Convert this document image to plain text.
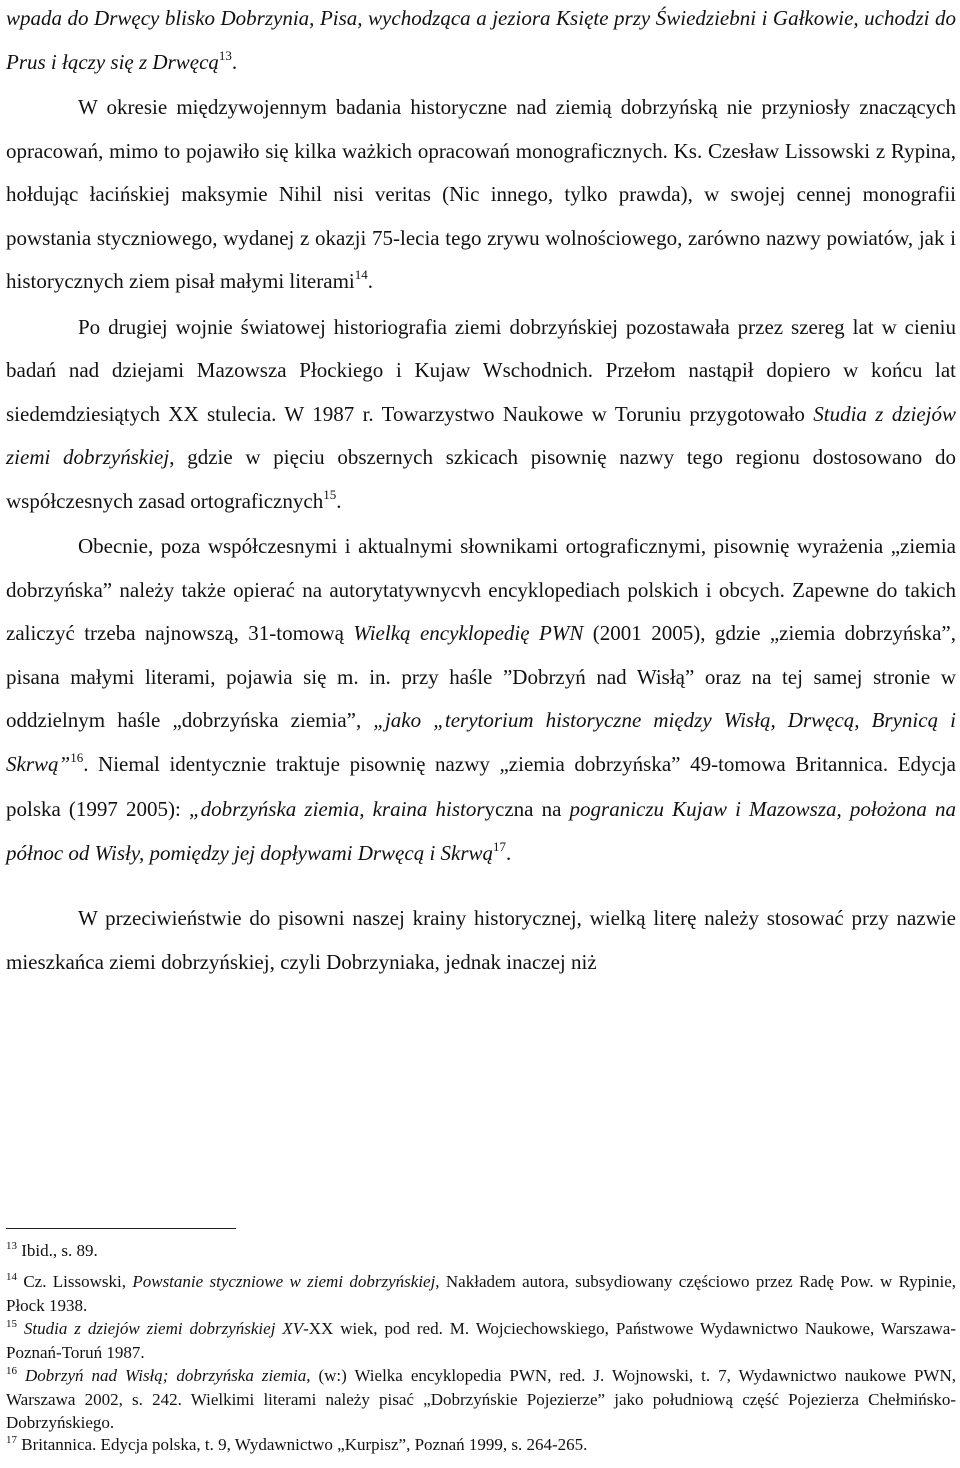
wpada do Drwęcy blisko Dobrzynia, Pisa, wychodząca a jeziora Księte przy Świedziebni i Gałkowie, uchodzi do Prus i łączy się z Drwęcą$^{13}$.

W okresie międzywojennym badania historyczne nad ziemią dobrzyńską nie przyniosły znaczących opracowań, mimo to pojawiło się kilka ważkich opracowań monograficznych. Ks. Czesław Lissowski z Rypina, hołdując łacińskiej maksymie Nihil nisi veritas (Nic innego, tylko prawda), w swojej cennej monografii powstania styczniowego, wydanej z okazji 75-lecia tego zrywu wolnościowego, zarówno nazwy powiatów, jak i historycznych ziem pisał małymi literami$^{14}$.

Po drugiej wojnie światowej historiografia ziemi dobrzyńskiej pozostawała przez szereg lat w cieniu badań nad dziejami Mazowsza Płockiego i Kujaw Wschodnich. Przełom nastąpił dopiero w końcu lat siedemdziesiątych XX stulecia. W 1987 r. Towarzystwo Naukowe w Toruniu przygotowało Studia z dziejów ziemi dobrzyńskiej, gdzie w pięciu obszernych szkicach pisownię nazwy tego regionu dostosowano do współczesnych zasad ortograficznych$^{15}$.

Obecnie, poza współczesnymi i aktualnymi słownikami ortograficznymi, pisownię wyrażenia „ziemia dobrzyńska” należy także opierać na autorytatywnycvh encyklopediach polskich i obcych. Zapewne do takich zaliczyć trzeba najnowszą, 31-tomową Wielką encyklopedię PWN (2001 2005), gdzie „ziemia dobrzyńska”, pisana małymi literami, pojawia się m. in. przy haśle ”Dobrzyń nad Wisłą” oraz na tej samej stronie w oddzielnym haśle „dobrzyńska ziemia”, „jako „terytorium historyczne między Wisłą, Drwęcą, Brynicą i Skrwą”$^{16}$. Niemal identycznie traktuje pisownię nazwy „ziemia dobrzyńska” 49-tomowa Britannica. Edycja polska (1997 2005): „dobrzyńska ziemia, kraina historyczna na pograniczu Kujaw i Mazowsza, położona na północ od Wisły, pomiędzy jej dopływami Drwęcą i Skrwą$^{17}$.

W przeciwieństwie do pisowni naszej krainy historycznej, wielką literę należy stosować przy nazwie mieszkańca ziemi dobrzyńskiej, czyli Dobrzyniaka, jednak inaczej niż

$^{13}$ Ibid., s. 89.

$^{14}$ Cz. Lissowski, Powstanie styczniowe w ziemi dobrzyńskiej, Nakładem autora, subsydiowany częściowo przez Radę Pow. w Rypinie, Płock 1938.

$^{15}$ Studia z dziejów ziemi dobrzyńskiej XV-XX wiek, pod red. M. Wojciechowskiego, Państwowe Wydawnictwo Naukowe, Warszawa-Poznań-Toruń 1987.

$^{16}$ Dobrzyń nad Wisłą; dobrzyńska ziemia, (w:) Wielka encyklopedia PWN, red. J. Wojnowski, t. 7, Wydawnictwo naukowe PWN, Warszawa 2002, s. 242. Wielkimi literami należy pisać „Dobrzyńskie Pojezierze” jako południową część Pojezierza Chełmińsko-Dobrzyńskiego.

$^{17}$ Britannica. Edycja polska, t. 9, Wydawnictwo „Kurpisz”, Poznań 1999, s. 264-265.
